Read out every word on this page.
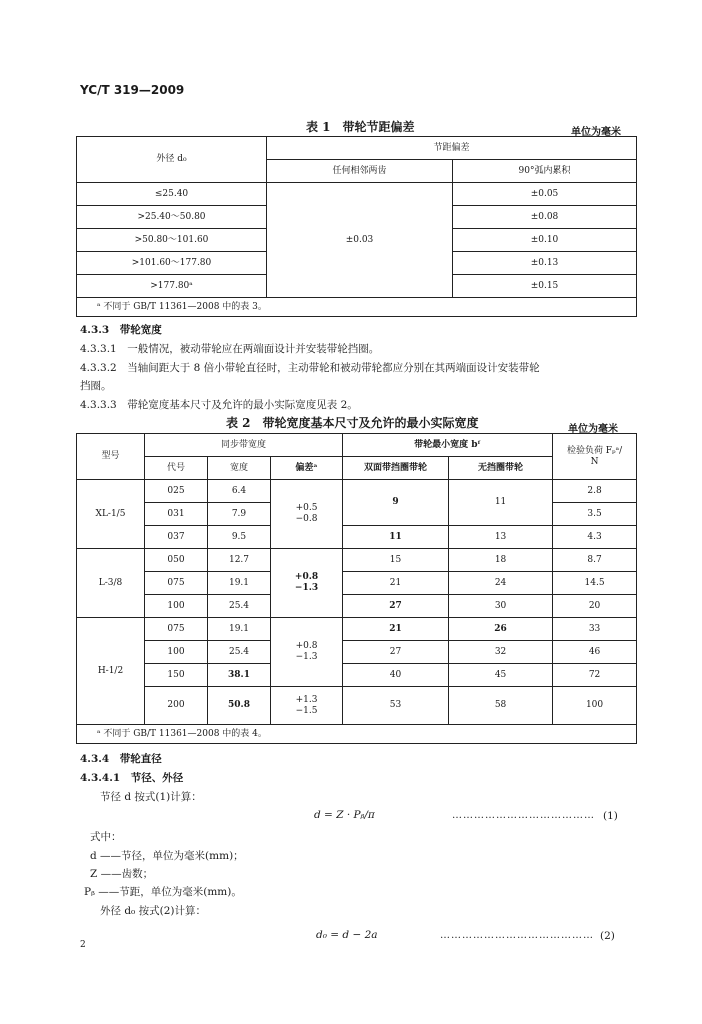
YC/T 319—2009
表 1　带轮节距偏差	单位为毫米
外径 d₀	节距偏差	
	任何相邻两齿	90°弧内累积
≤25.40	±0.03	±0.05
>25.40～50.80		±0.08
>50.80～101.60		±0.10
>101.60～177.80		±0.13
>177.80ᵃ		±0.15
ᵃ 不同于 GB/T 11361—2008 中的表 3。		
4.3.3　带轮宽度
4.3.3.1　一般情况，被动带轮应在两端面设计并安装带轮挡圈。
4.3.3.2　当轴间距大于 8 倍小带轮直径时，主动带轮和被动带轮都应分别在其两端面设计安装带轮
挡圈。
4.3.3.3　带轮宽度基本尺寸及允许的最小实际宽度见表 2。
表 2　带轮宽度基本尺寸及允许的最小实际宽度	单位为毫米
型号	同步带宽度			带轮最小宽度 bᶠ		检验负荷 Fₚᵃ/
N
	代号	宽度	偏差ᵃ	双面带挡圈带轮	无挡圈带轮	
XL-1/5	025	6.4	+0.5
−0.8	9	11	2.8
	031	7.9				3.5
	037	9.5		11	13	4.3
L-3/8	050	12.7	+0.8
−1.3	15	18	8.7
	075	19.1		21	24	14.5
	100	25.4		27	30	20
H-1/2	075	19.1	+0.8
−1.3	21	26	33
	100	25.4		27	32	46
	150	38.1		40	45	72
	200	50.8	+1.3
−1.5	53	58	100
ᵃ 不同于 GB/T 11361—2008 中的表 4。						
4.3.4　带轮直径
4.3.4.1　节径、外径
节径 d 按式(1)计算：
d = Z · Pᵦ/π	………………………………… (1)
式中：
d ——节径，单位为毫米(mm)；
Z ——齿数；
Pᵦ ——节距，单位为毫米(mm)。
外径 d₀ 按式(2)计算：
d₀ = d − 2a	…………………………………… (2)
2
